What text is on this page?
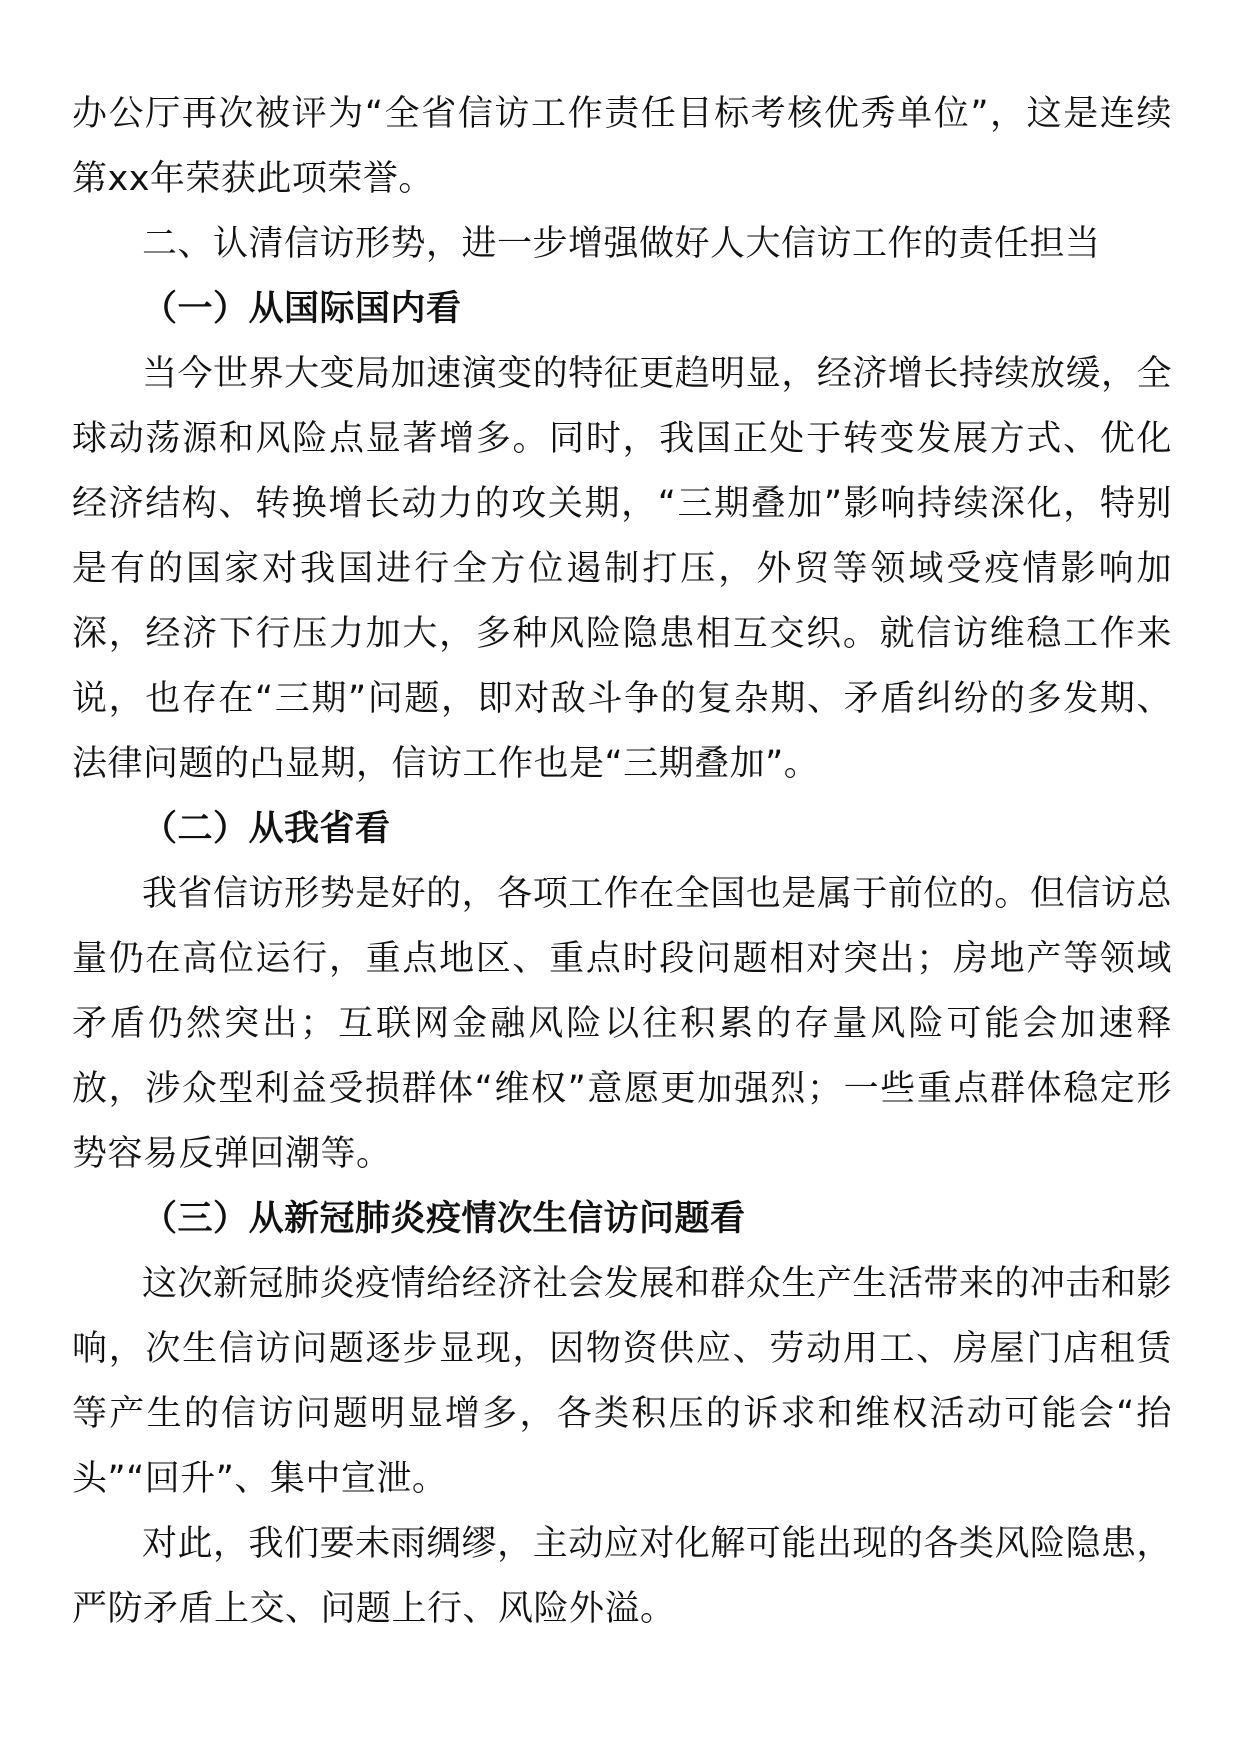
办公厅再次被评为“全省信访工作责任目标考核优秀单位”，这是连续第xx年荣获此项荣誉。

二、认清信访形势，进一步增强做好人大信访工作的责任担当

（一）从国际国内看

当今世界大变局加速演变的特征更趋明显，经济增长持续放缓，全球动荡源和风险点显著增多。同时，我国正处于转变发展方式、优化经济结构、转换增长动力的攻关期，“三期叠加”影响持续深化，特别是有的国家对我国进行全方位遏制打压，外贸等领域受疫情影响加深，经济下行压力加大，多种风险隐患相互交织。就信访维稳工作来说，也存在“三期”问题，即对敌斗争的复杂期、矛盾纠纷的多发期、法律问题的凸显期，信访工作也是“三期叠加”。

（二）从我省看

我省信访形势是好的，各项工作在全国也是属于前位的。但信访总量仍在高位运行，重点地区、重点时段问题相对突出；房地产等领域矛盾仍然突出；互联网金融风险以往积累的存量风险可能会加速释放，涉众型利益受损群体“维权”意愿更加强烈；一些重点群体稳定形势容易反弹回潮等。

（三）从新冠肺炎疫情次生信访问题看

这次新冠肺炎疫情给经济社会发展和群众生产生活带来的冲击和影响，次生信访问题逐步显现，因物资供应、劳动用工、房屋门店租赁等产生的信访问题明显增多，各类积压的诉求和维权活动可能会“抬头”“回升”、集中宣泄。

对此，我们要未雨绸缪，主动应对化解可能出现的各类风险隐患，严防矛盾上交、问题上行、风险外溢。
